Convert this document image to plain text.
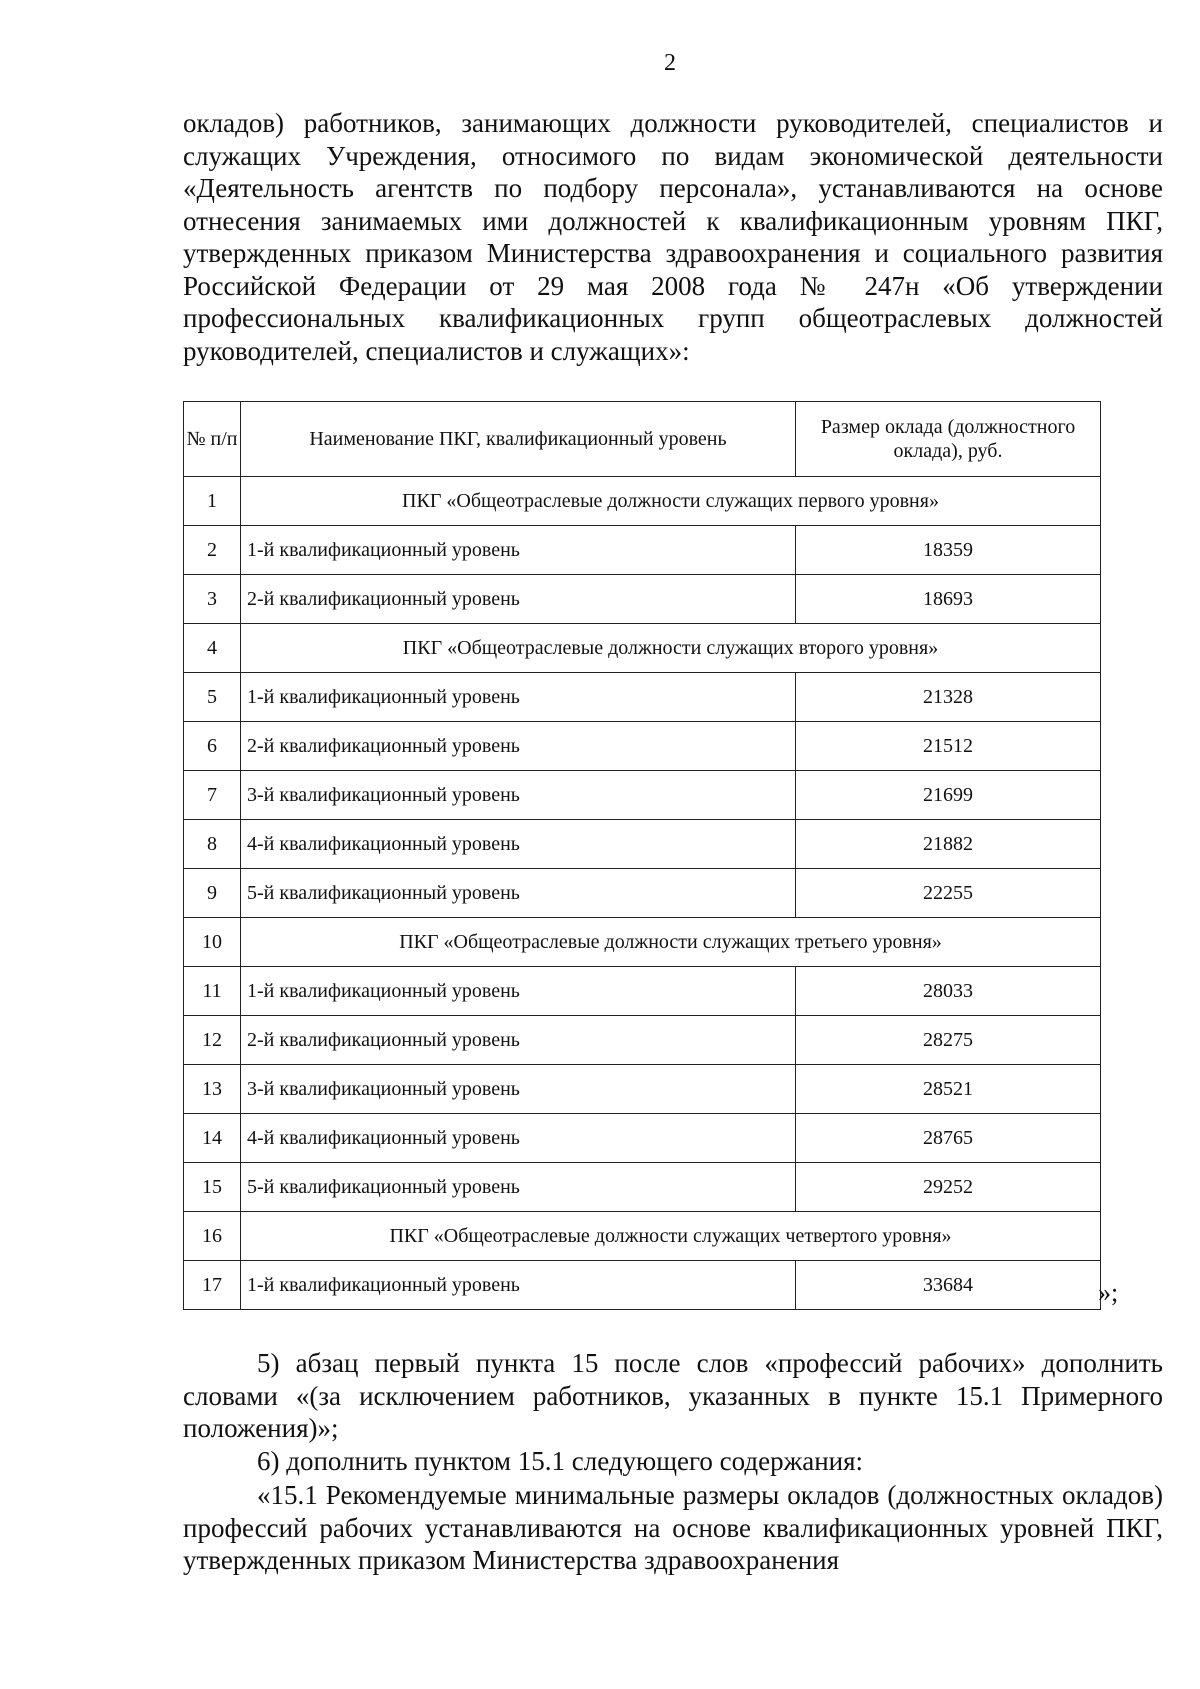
2

окладов) работников, занимающих должности руководителей, специалистов и служащих Учреждения, относимого по видам экономической деятельности «Деятельность агентств по подбору персонала», устанавливаются на основе отнесения занимаемых ими должностей к квалификационным уровням ПКГ, утвержденных приказом Министерства здравоохранения и социального развития Российской Федерации от 29 мая 2008 года № 247н «Об утверждении профессиональных квалификационных групп общеотраслевых должностей руководителей, специалистов и служащих»:

№ п/п	Наименование ПКГ, квалификационный уровень	Размер оклада (должностного оклада), руб.
1	ПКГ «Общеотраслевые должности служащих первого уровня»	
2	1-й квалификационный уровень	18359
3	2-й квалификационный уровень	18693
4	ПКГ «Общеотраслевые должности служащих второго уровня»	
5	1-й квалификационный уровень	21328
6	2-й квалификационный уровень	21512
7	3-й квалификационный уровень	21699
8	4-й квалификационный уровень	21882
9	5-й квалификационный уровень	22255
10	ПКГ «Общеотраслевые должности служащих третьего уровня»	
11	1-й квалификационный уровень	28033
12	2-й квалификационный уровень	28275
13	3-й квалификационный уровень	28521
14	4-й квалификационный уровень	28765
15	5-й квалификационный уровень	29252
16	ПКГ «Общеотраслевые должности служащих четвертого уровня»	
17	1-й квалификационный уровень	33684	»;

5) абзац первый пункта 15 после слов «профессий рабочих» дополнить словами «(за исключением работников, указанных в пункте 15.1 Примерного положения)»;

6) дополнить пунктом 15.1 следующего содержания:

«15.1 Рекомендуемые минимальные размеры окладов (должностных окладов) профессий рабочих устанавливаются на основе квалификационных уровней ПКГ, утвержденных приказом Министерства здравоохранения
